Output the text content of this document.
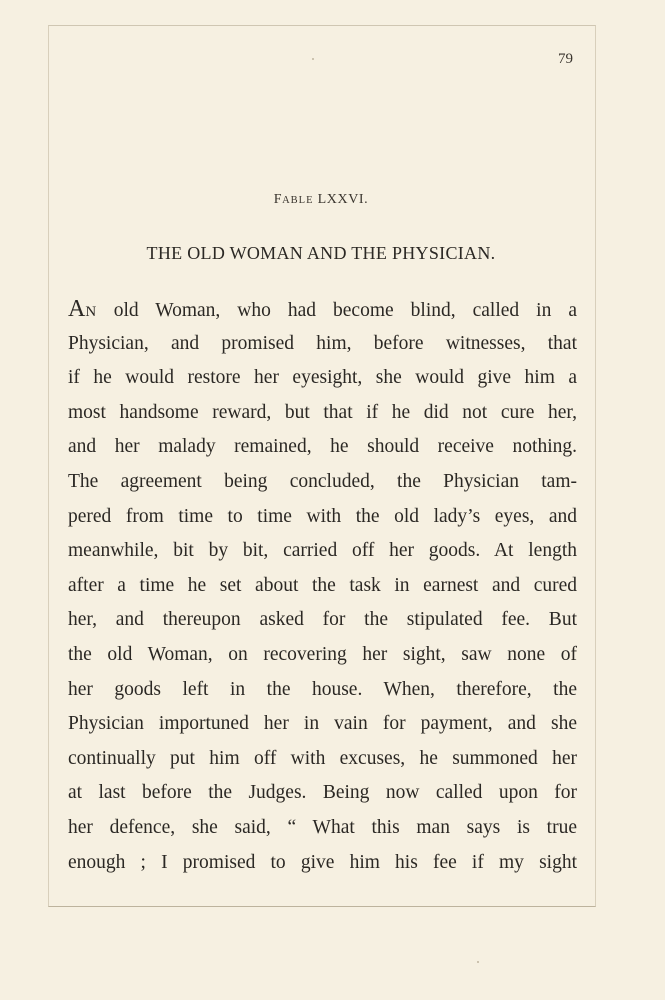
79
FABLE LXXVI.
THE OLD WOMAN AND THE PHYSICIAN.
AN old Woman, who had become blind, called in a
Physician, and promised him, before witnesses, that
if he would restore her eyesight, she would give him a
most handsome reward, but that if he did not cure her,
and her malady remained, he should receive nothing.
The agreement being concluded, the Physician tam-
pered from time to time with the old lady’s eyes, and
meanwhile, bit by bit, carried off her goods. At length
after a time he set about the task in earnest and cured
her, and thereupon asked for the stipulated fee. But
the old Woman, on recovering her sight, saw none of
her goods left in the house. When, therefore, the
Physician importuned her in vain for payment, and she
continually put him off with excuses, he summoned her
at last before the Judges. Being now called upon for
her defence, she said, “ What this man says is true
enough ; I promised to give him his fee if my sight
